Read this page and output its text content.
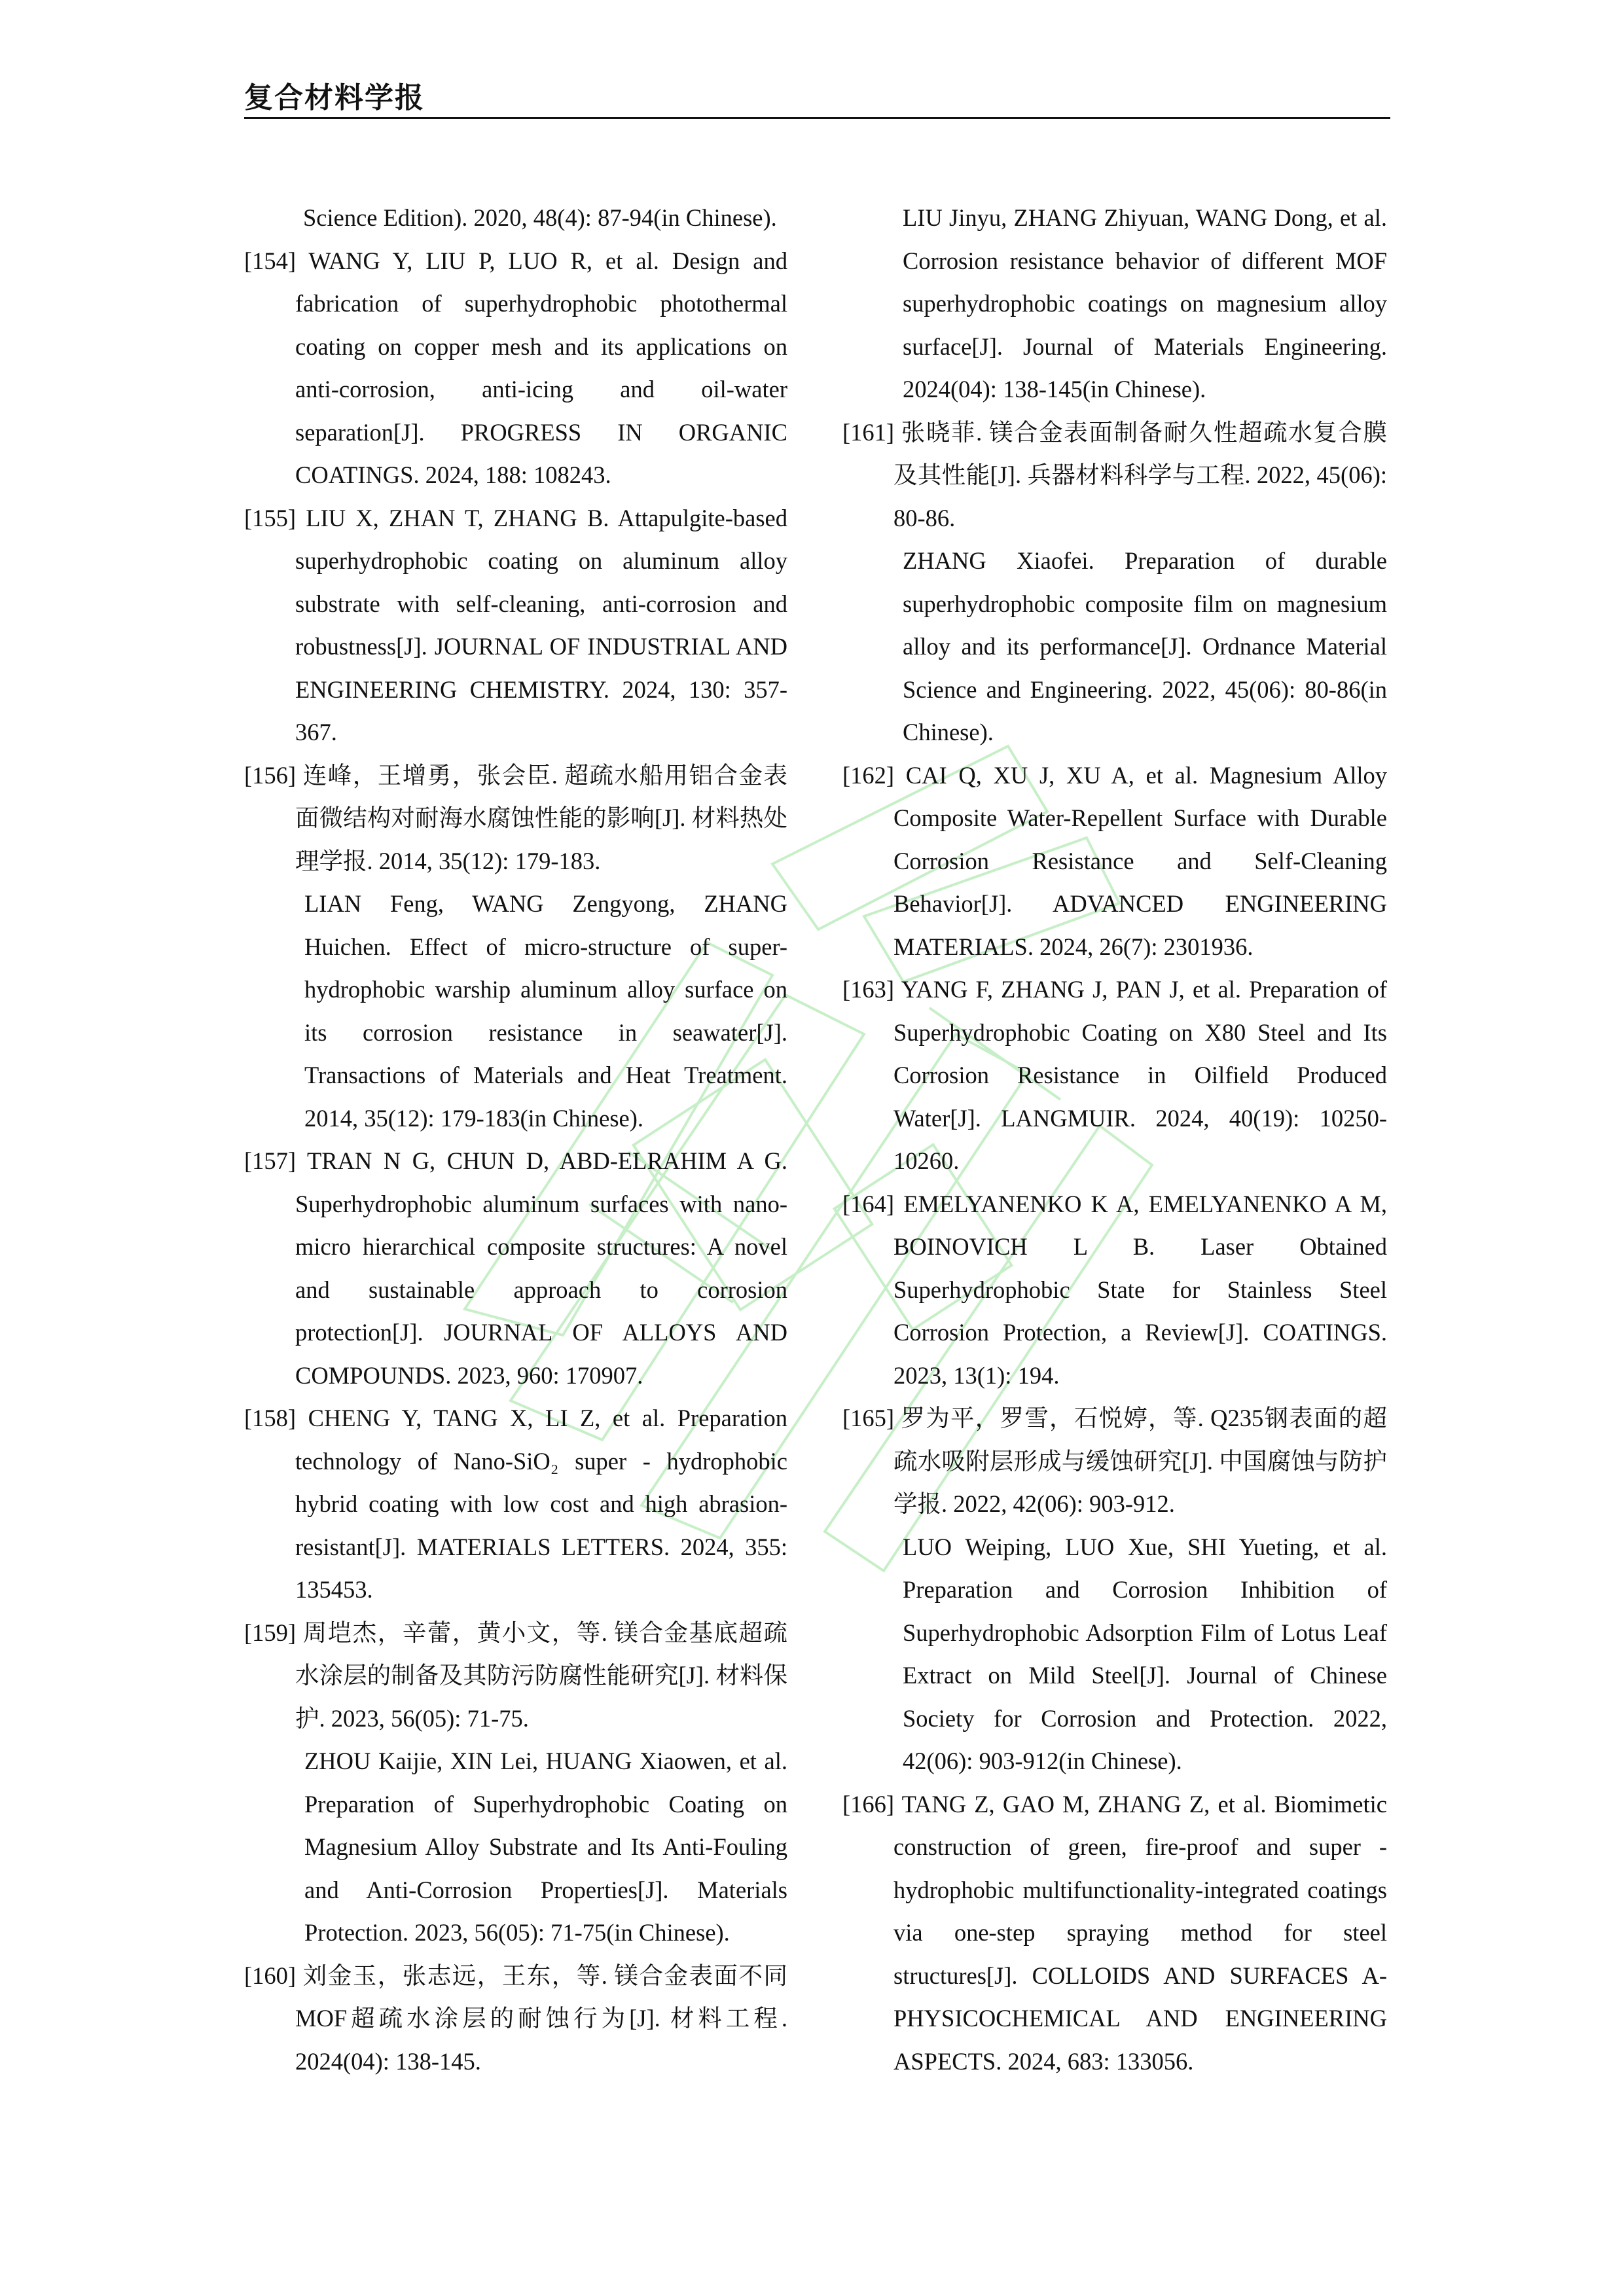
复合材料学报

Science Edition). 2020, 48(4): 87-94(in Chinese).

[154] WANG Y, LIU P, LUO R, et al. Design and fabrication of superhydrophobic photothermal coating on copper mesh and its applications on anti-corrosion, anti-icing and oil-water separation[J]. PROGRESS IN ORGANIC COATINGS. 2024, 188: 108243.

[155] LIU X, ZHAN T, ZHANG B. Attapulgite-based superhydrophobic coating on aluminum alloy substrate with self-cleaning, anti-corrosion and robustness[J]. JOURNAL OF INDUSTRIAL AND ENGINEERING CHEMISTRY. 2024, 130: 357-367.

[156] 连峰，王增勇，张会臣. 超疏水船用铝合金表面微结构对耐海水腐蚀性能的影响[J]. 材料热处理学报. 2014, 35(12): 179-183.

LIAN Feng, WANG Zengyong, ZHANG Huichen. Effect of micro-structure of super-hydrophobic warship aluminum alloy surface on its corrosion resistance in seawater[J]. Transactions of Materials and Heat Treatment. 2014, 35(12): 179-183(in Chinese).

[157] TRAN N G, CHUN D, ABD-ELRAHIM A G. Superhydrophobic aluminum surfaces with nano-micro hierarchical composite structures: A novel and sustainable approach to corrosion protection[J]. JOURNAL OF ALLOYS AND COMPOUNDS. 2023, 960: 170907.

[158] CHENG Y, TANG X, LI Z, et al. Preparation technology of Nano-SiO₂ super - hydrophobic hybrid coating with low cost and high abrasion-resistant[J]. MATERIALS LETTERS. 2024, 355: 135453.

[159] 周垲杰，辛蕾，黄小文，等. 镁合金基底超疏水涂层的制备及其防污防腐性能研究[J]. 材料保护. 2023, 56(05): 71-75.

ZHOU Kaijie, XIN Lei, HUANG Xiaowen, et al. Preparation of Superhydrophobic Coating on Magnesium Alloy Substrate and Its Anti-Fouling and Anti-Corrosion Properties[J]. Materials Protection. 2023, 56(05): 71-75(in Chinese).

[160] 刘金玉，张志远，王东，等. 镁合金表面不同MOF超疏水涂层的耐蚀行为[J]. 材料工程. 2024(04): 138-145.

LIU Jinyu, ZHANG Zhiyuan, WANG Dong, et al. Corrosion resistance behavior of different MOF superhydrophobic coatings on magnesium alloy surface[J]. Journal of Materials Engineering. 2024(04): 138-145(in Chinese).

[161] 张晓菲. 镁合金表面制备耐久性超疏水复合膜及其性能[J]. 兵器材料科学与工程. 2022, 45(06): 80-86.

ZHANG Xiaofei. Preparation of durable superhydrophobic composite film on magnesium alloy and its performance[J]. Ordnance Material Science and Engineering. 2022, 45(06): 80-86(in Chinese).

[162] CAI Q, XU J, XU A, et al. Magnesium Alloy Composite Water-Repellent Surface with Durable Corrosion Resistance and Self-Cleaning Behavior[J]. ADVANCED ENGINEERING MATERIALS. 2024, 26(7): 2301936.

[163] YANG F, ZHANG J, PAN J, et al. Preparation of Superhydrophobic Coating on X80 Steel and Its Corrosion Resistance in Oilfield Produced Water[J]. LANGMUIR. 2024, 40(19): 10250-10260.

[164] EMELYANENKO K A, EMELYANENKO A M, BOINOVICH L B. Laser Obtained Superhydrophobic State for Stainless Steel Corrosion Protection, a Review[J]. COATINGS. 2023, 13(1): 194.

[165] 罗为平，罗雪，石悦婷，等. Q235钢表面的超疏水吸附层形成与缓蚀研究[J]. 中国腐蚀与防护学报. 2022, 42(06): 903-912.

LUO Weiping, LUO Xue, SHI Yueting, et al. Preparation and Corrosion Inhibition of Superhydrophobic Adsorption Film of Lotus Leaf Extract on Mild Steel[J]. Journal of Chinese Society for Corrosion and Protection. 2022, 42(06): 903-912(in Chinese).

[166] TANG Z, GAO M, ZHANG Z, et al. Biomimetic construction of green, fire-proof and super - hydrophobic multifunctionality-integrated coatings via one-step spraying method for steel structures[J]. COLLOIDS AND SURFACES A-PHYSICOCHEMICAL AND ENGINEERING ASPECTS. 2024, 683: 133056.
